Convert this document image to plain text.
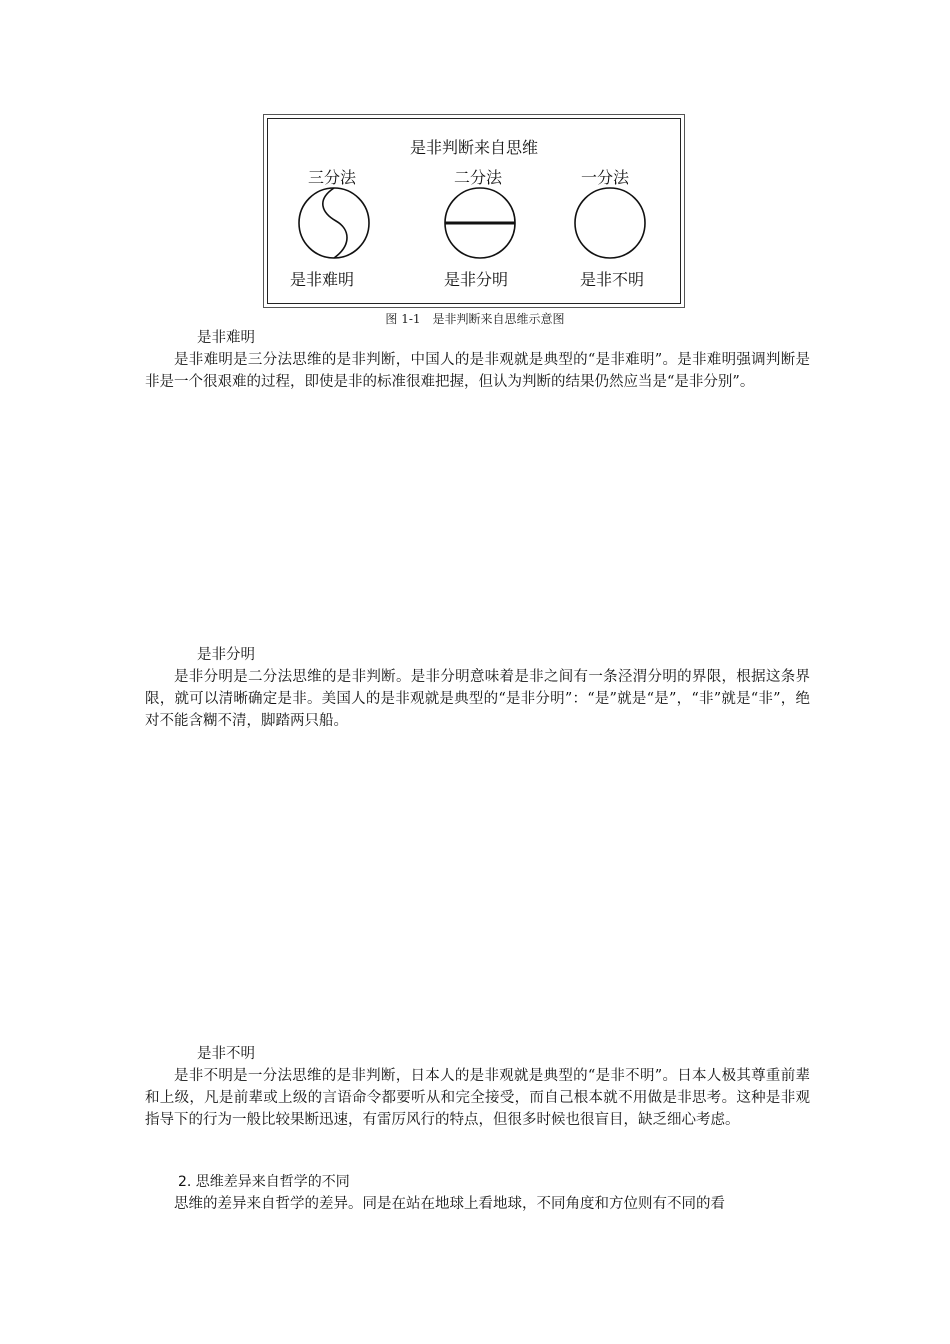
是非判断来自思维
三分法	二分法	一分法
是非难明	是非分明	是非不明
图 1-1　是非判断来自思维示意图
是非难明
是非难明是三分法思维的是非判断，中国人的是非观就是典型的“是非难明”。是非难明强调判断是非是一个很艰难的过程，即使是非的标准很难把握，但认为判断的结果仍然应当是“是非分别”。
是非分明
是非分明是二分法思维的是非判断。是非分明意味着是非之间有一条泾渭分明的界限，根据这条界限，就可以清晰确定是非。美国人的是非观就是典型的“是非分明”：“是”就是“是”，“非”就是“非”，绝对不能含糊不清，脚踏两只船。
是非不明
是非不明是一分法思维的是非判断，日本人的是非观就是典型的“是非不明”。日本人极其尊重前辈和上级，凡是前辈或上级的言语命令都要听从和完全接受，而自己根本就不用做是非思考。这种是非观指导下的行为一般比较果断迅速，有雷厉风行的特点，但很多时候也很盲目，缺乏细心考虑。
2. 思维差异来自哲学的不同
思维的差异来自哲学的差异。同是在站在地球上看地球，不同角度和方位则有不同的看
